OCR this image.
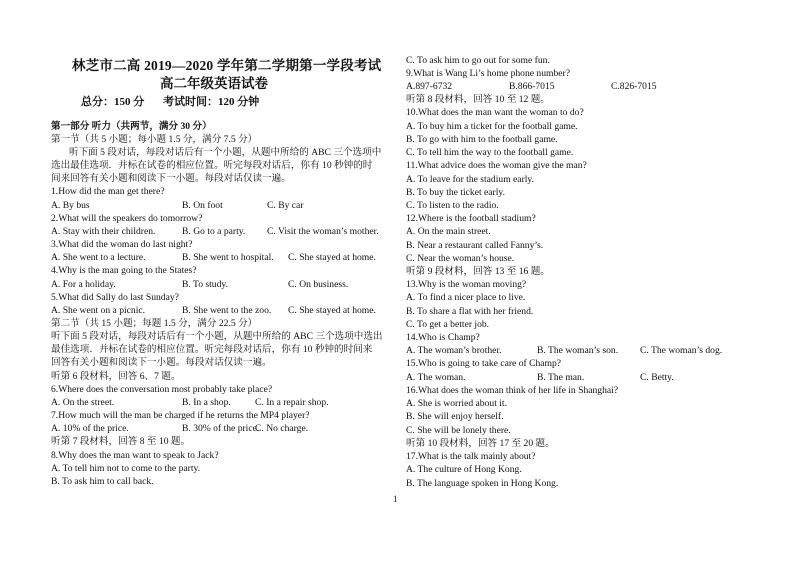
林芝市二高 2019—2020 学年第二学期第一学段考试
高二年级英语试卷
总分：150 分 考试时间：120 分钟
第一部分 听力（共两节，满分 30 分）
第一节（共 5 小题；每小题 1.5 分，满分 7.5 分）
听下面 5 段对话，每段对话后有一个小题，从题中所给的 ABC 三个选项中
选出最佳选项．并标在试卷的相应位置。听完每段对话后，你有 10 秒钟的时
间来回答有关小题和阅读下一小题。每段对话仅读一遍。
1.How did the man get there?
A. By bus	B. On foot	C. By car
2.What will the speakers do tomorrow?
A. Stay with their children.	B. Go to a party. C. Visit the woman’s mother.
3.What did the woman do last night?
A. She went to a lecture.	B. She went to hospital. C. She stayed at home.
4.Why is the man going to the States?
A. For a holiday.	B. To study.	C. On business.
5.What did Sally do last Sunday?
A. She went on a picnic.	B. She went to the zoo. C. She stayed at home.
第二节（共 15 小题；每题 1.5 分，满分 22.5 分）
听下面 5 段对话，每段对话后有一个小题，从题中所给的 ABC 三个选项中选出
最佳选项．并标在试卷的相应位置。听完每段对话后，你有 10 秒钟的时间来
回答有关小题和阅读下一小题。每段对话仅读一遍。
听第 6 段材料，回答 6、7 题。
6.Where does the conversation most probably take place?
A. On the street.	B. In a shop.	C. In a repair shop.
7.How much will the man be charged if he returns the MP4 player?
A. 10% of the price.	B. 30% of the price.
C. No charge.
听第 7 段材料，回答 8 至 10 题。
8.Why does the man want to speak to Jack?
A. To tell him not to come to the party.
B. To ask him to call back.
C. To ask him to go out for some fun.
9.What is Wang Li’s home phone number?
A.897-6732	B.866-7015	C.826-7015
听第 8 段材料，回答 10 至 12 题。
10.What does the man want the woman to do?
A. To buy him a ticket for the football game.
B. To go with him to the football game.
C. To tell him the way to the football game.
11.What advice does the woman give the man?
A. To leave for the stadium early.
B. To buy the ticket early.
C. To listen to the radio.
12.Where is the football stadium?
A. On the main street.
B. Near a restaurant called Fanny’s.
C. Near the woman’s house.
听第 9 段材料，回答 13 至 16 题。
13.Why is the woman moving?
A. To find a nicer place to live.
B. To share a flat with her friend.
C. To get a better job.
14.Who is Champ?
A. The woman’s brother.	B. The woman’s son. C. The woman’s dog.
15.Who is going to take care of Champ?
A. The woman.	B. The man.	C. Betty.
16.What does the woman think of her life in Shanghai?
A. She is worried about it.
B. She will enjoy herself.
C. She will be lonely there.
听第 10 段材料，回答 17 至 20 题。
17.What is the talk mainly about?
A. The culture of Hong Kong.
B. The language spoken in Hong Kong.
1
